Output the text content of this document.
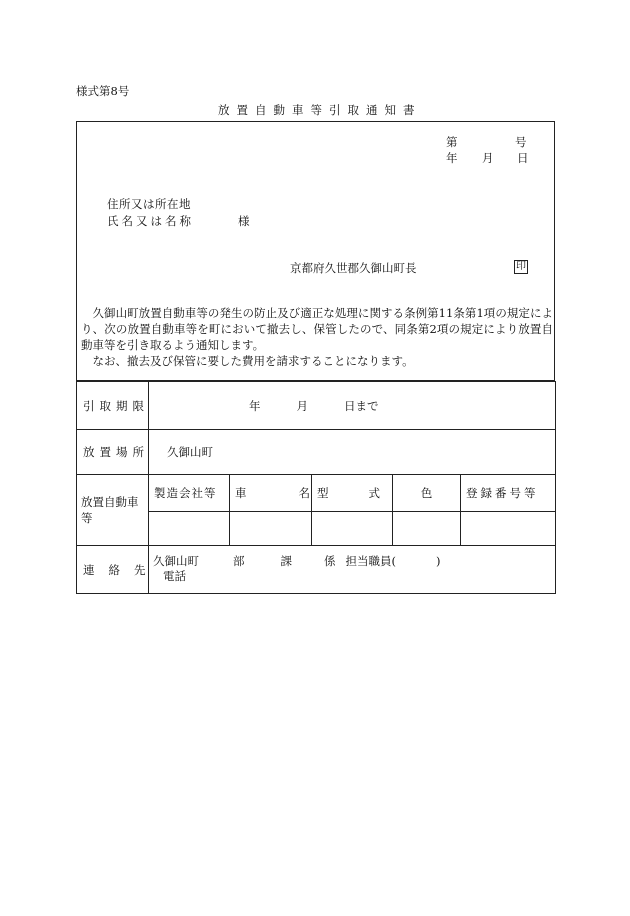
様式第8号
放置自動車等引取通知書
第	号
年 月 日
住所又は所在地
氏名又は名称	様
京都府久世郡久御山町長	印

久御山町放置自動車等の発生の防止及び適正な処理に関する条例第11条第1項の規定により、次の放置自動車等を町において撤去し、保管したので、同条第2項の規定により放置自動車等を引き取るよう通知します。

なお、撤去及び保管に要した費用を請求することになります。

引取期限	年 月 日まで				
放置場所	久御山町				
放置自動車等	製造会社等	車 名	型 式	色	登録番号等

連絡先	久御山町 部 課 係 担当職員( )
電話				
